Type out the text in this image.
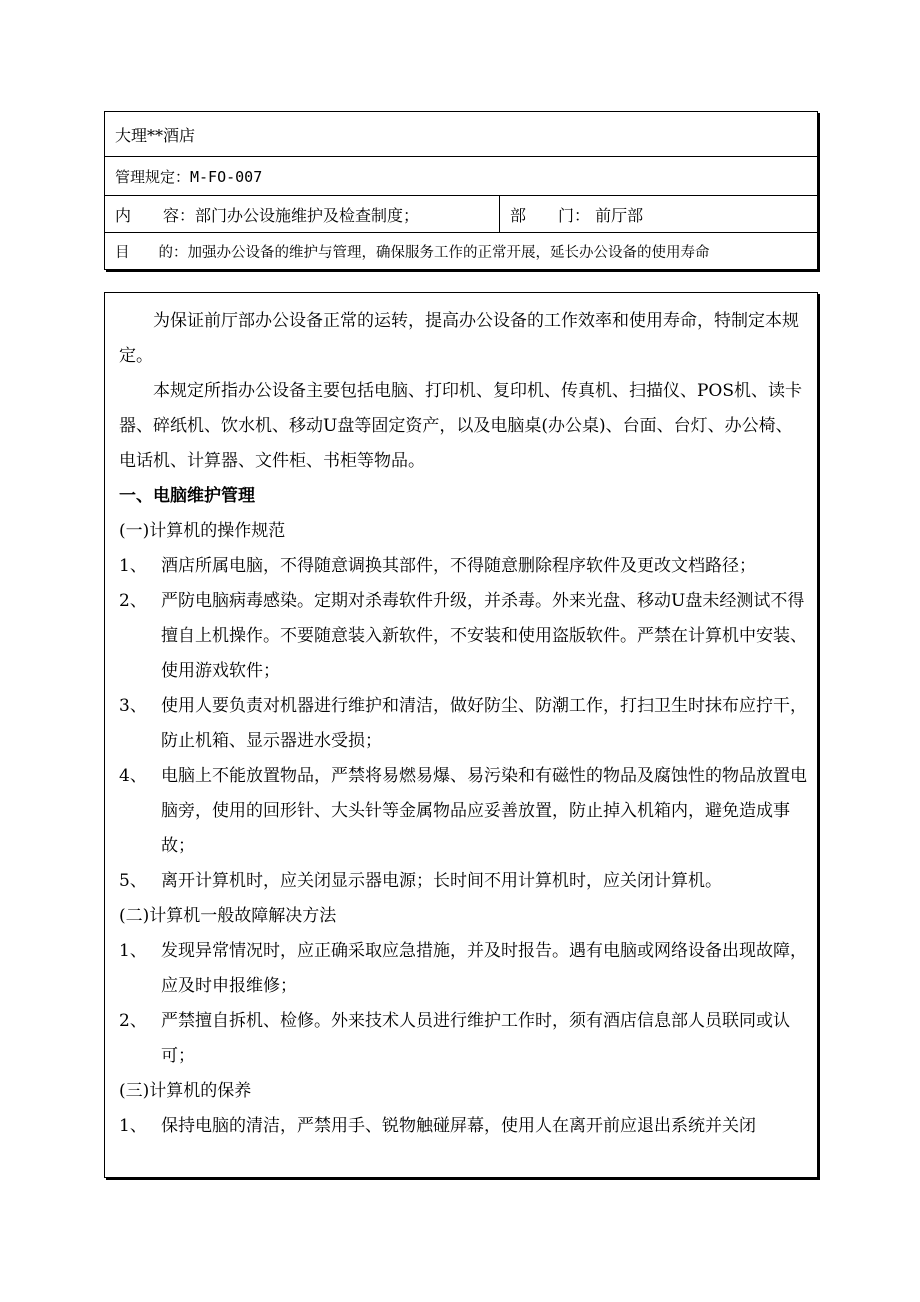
大理**酒店
管理规定：M-FO-007
内　　容：部门办公设施维护及检查制度；	部　　门： 前厅部
目　　的：加强办公设备的维护与管理，确保服务工作的正常开展，延长办公设备的使用寿命

为保证前厅部办公设备正常的运转，提高办公设备的工作效率和使用寿命，特制定本规定。

本规定所指办公设备主要包括电脑、打印机、复印机、传真机、扫描仪、POS机、读卡器、碎纸机、饮水机、移动U盘等固定资产，以及电脑桌(办公桌)、台面、台灯、办公椅、电话机、计算器、文件柜、书柜等物品。

一、电脑维护管理

(一)计算机的操作规范

1、 酒店所属电脑，不得随意调换其部件，不得随意删除程序软件及更改文档路径；
2、 严防电脑病毒感染。定期对杀毒软件升级，并杀毒。外来光盘、移动U盘未经测试不得擅自上机操作。不要随意装入新软件，不安装和使用盗版软件。严禁在计算机中安装、使用游戏软件；
3、 使用人要负责对机器进行维护和清洁，做好防尘、防潮工作，打扫卫生时抹布应拧干，防止机箱、显示器进水受损；
4、 电脑上不能放置物品，严禁将易燃易爆、易污染和有磁性的物品及腐蚀性的物品放置电脑旁，使用的回形针、大头针等金属物品应妥善放置，防止掉入机箱内，避免造成事故；
5、 离开计算机时，应关闭显示器电源；长时间不用计算机时，应关闭计算机。

(二)计算机一般故障解决方法

1、 发现异常情况时，应正确采取应急措施，并及时报告。遇有电脑或网络设备出现故障，应及时申报维修；
2、 严禁擅自拆机、检修。外来技术人员进行维护工作时，须有酒店信息部人员联同或认可；

(三)计算机的保养

1、 保持电脑的清洁，严禁用手、锐物触碰屏幕，使用人在离开前应退出系统并关闭
